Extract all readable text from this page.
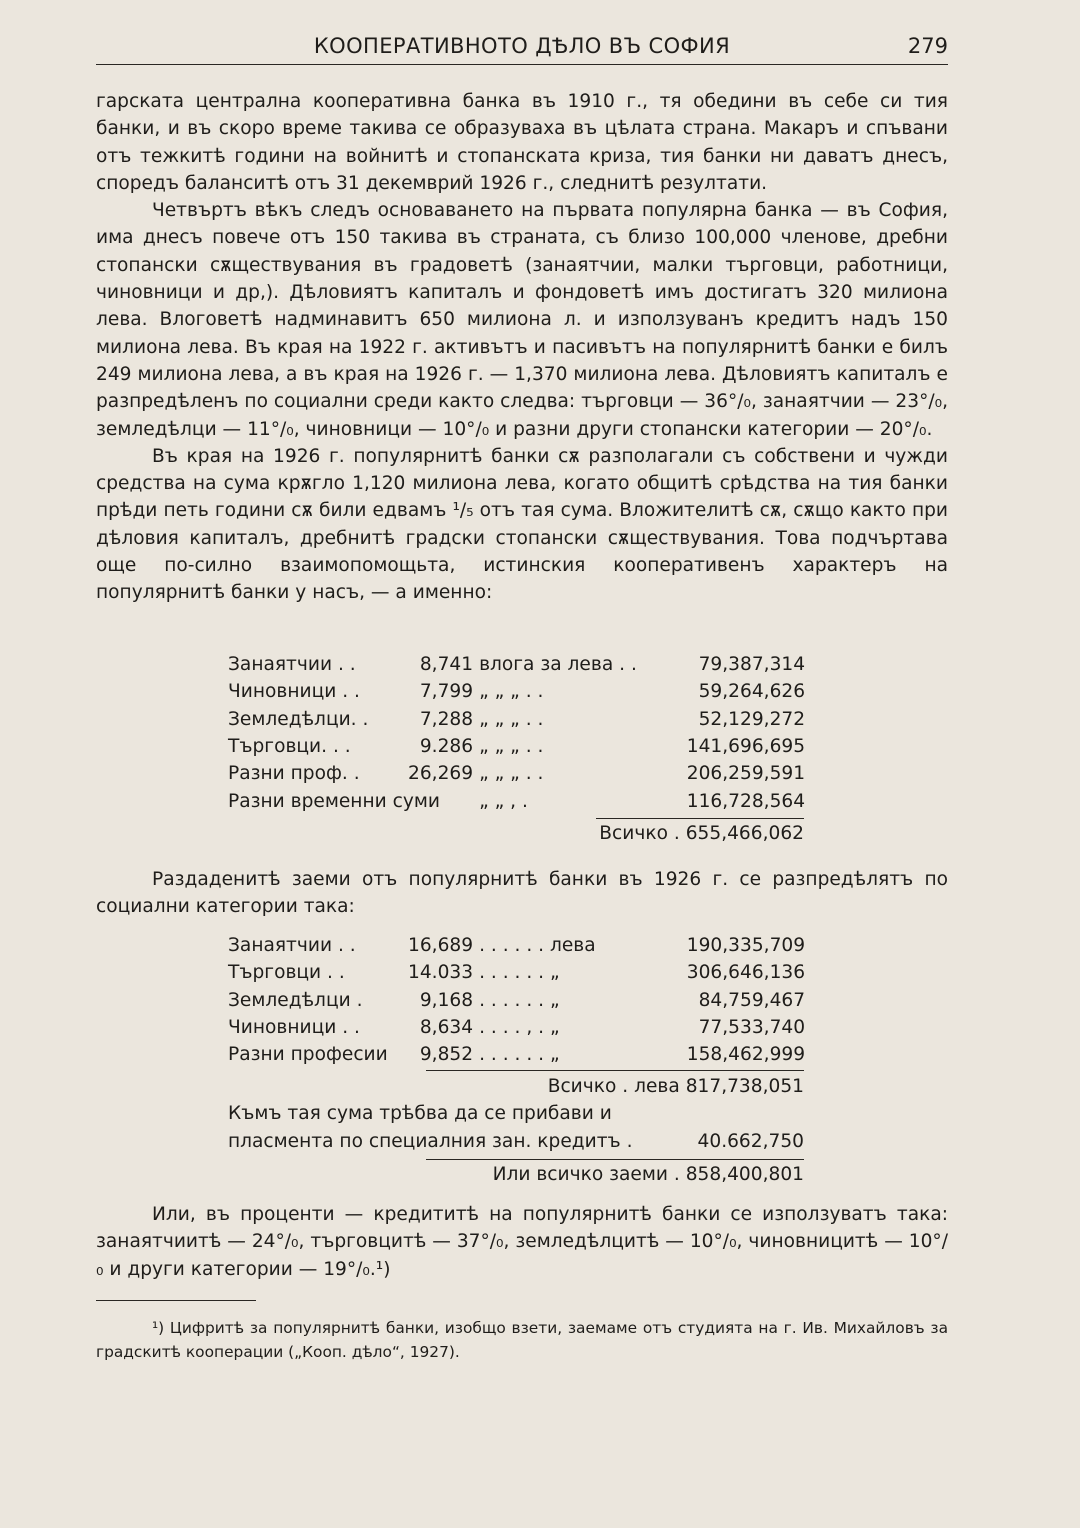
КООПЕРАТИВНОТО ДѢЛО ВЪ СОФИЯ	279

гарската централна кооперативна банка въ 1910 г., тя обедини въ себе си тия банки, и въ скоро време такива се образуваха въ цѣлата страна. Макаръ и спъвани отъ тежкитѣ години на войнитѣ и стопанската криза, тия банки ни даватъ днесъ, споредъ баланситѣ отъ 31 декемврий 1926 г., следнитѣ резултати.

Четвъртъ вѣкъ следъ основаването на първата популярна банка — въ София, има днесъ повече отъ 150 такива въ страната, съ близо 100,000 членове, дребни стопански сѫществувания въ градоветѣ (занаятчии, малки търговци, работници, чиновници и др,). Дѣловиятъ капиталъ и фондоветѣ имъ достигатъ 320 милиона лева. Влоговетѣ надминавитъ 650 милиона л. и използуванъ кредитъ надъ 150 милиона лева. Въ края на 1922 г. активътъ и пасивътъ на популярнитѣ банки е билъ 249 милиона лева, а въ края на 1926 г. — 1,370 милиона лева. Дѣловиятъ капиталъ е разпредѣленъ по социални среди както следва: търговци — 36°/₀, занаятчии — 23°/₀, земледѣлци — 11°/₀, чиновници — 10°/₀ и разни други стопански категории — 20°/₀.

Въ края на 1926 г. популярнитѣ банки сѫ разполагали съ собствени и чужди средства на сума крѫгло 1,120 милиона лева, когато общитѣ срѣдства на тия банки прѣди петь години сѫ били едвамъ ¹/₅ отъ тая сума. Вложителитѣ сѫ, сѫщо както при дѣловия капиталъ, дребнитѣ градски стопански сѫществувания. Това подчъртава още по-силно взаимопомощьта, истинския кооперативенъ характеръ на популярнитѣ банки у насъ, — а именно:

Занаятчии . .	8,741	влога за лева . .	79,387,314
Чиновници . .	7,799	„ „ „ . .	59,264,626
Земледѣлци. .	7,288	„ „ „ . .	52,129,272
Търговци. . .	9.286	„ „ „ . .	141,696,695
Разни проф. .	26,269	„ „ „ . .	206,259,591
Разни временни суми		„ „ , .	116,728,564
Всичко . 655,466,062
Раздаденитѣ заеми отъ популярнитѣ банки въ 1926 г. се разпредѣлятъ по социални категории така:
Занаятчии . .	16,689	. . . . . . лева	190,335,709
Търговци . .	14.033	. . . . . . „	306,646,136
Земледѣлци .	9,168	. . . . . . „	84,759,467
Чиновници . .	8,634	. . . . , . „	77,533,740
Разни професии	9,852	. . . . . . „	158,462,999
Всичко . лева 817,738,051
Къмъ тая сума трѣбва да се прибави и
пласмента по специалния зан. кредитъ .	40.662,750
Или всичко заеми . 858,400,801
Или, въ проценти — кредититѣ на популярнитѣ банки се използуватъ така: занаятчиитѣ — 24°/₀, търговцитѣ — 37°/₀, земледѣлцитѣ — 10°/₀, чиновницитѣ — 10°/₀ и други категории — 19°/₀.¹)

¹) Цифритѣ за популярнитѣ банки, изобщо взети, заемаме отъ студията на г. Ив. Михайловъ за градскитѣ кооперации („Кооп. дѣло“, 1927).
